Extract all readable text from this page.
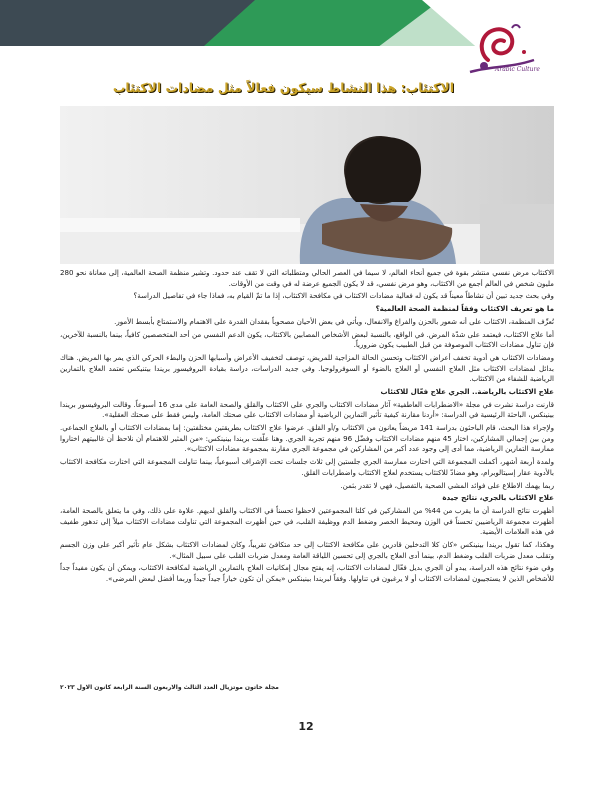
Arabic Culture
الاكتئاب: هذا النشاط سيكون فعالاً مثل مضادات الاكتئاب

الاكتئاب مرض نفسي منتشر بقوة في جميع أنحاء العالم، لا سيما في العصر الحالي ومتطلباته التي لا تقف عند حدود. وتشير منظمة الصحة العالمية، إلى معاناة نحو 280 مليون شخص في العالم أجمع من الاكتئاب، وهو مرض نفسي، قد لا يكون الجميع عرضة له في وقت من الأوقات.

وفي بحث جديد تبين أن نشاطاً معيناً قد يكون له فعالية مضادات الاكتئاب في مكافحة الاكتئاب، إذا ما تمّ القيام به، فماذا جاء في تفاصيل الدراسة؟

ما هو تعريف الاكتئاب وفقاً لمنظمة الصحة العالمية؟

تُعرِّف المنظمة، الاكتئاب على أنه شعور بالحزن والفراغ والانفعال، ويأتي في بعض الأحيان مصحوباً بفقدان القدرة على الاهتمام والاستمتاع بأبسط الأمور.

أما علاج الاكتئاب، فيعتمد على شدّة المرض. في الواقع، بالنسبة لبعض الأشخاص المصابين بالاكتئاب، يكون الدعم النفسي من أحد المتخصصين كافياً، بينما بالنسبة للآخرين، فإن تناول مضادات الاكتئاب الموصوفة من قبل الطبيب يكون ضرورياً.

ومضادات الاكتئاب هي أدوية تخفف أعراض الاكتئاب وتحسن الحالة المزاجية للمريض، توصف لتخفيف الأعراض وأسبابها الحزن والبطء الحركي الذي يمر بها المريض. هناك بدائل لمضادات الاكتئاب مثل العلاج النفسي أو العلاج بالضوء أو السوفرولوجيا. وفي جديد الدراسات، دراسة بقيادة البروفيسور بريندا بيتنيكس تعتمد العلاج بالتمارين الرياضية للشفاء من الاكتئاب.

علاج الاكتئاب بالرياضة.. الجري علاج فعّال للاكتئاب

قارنت دراسة نشرت في مجلة «الاضطرابات العاطفية» آثار مضادات الاكتئاب والجري على الاكتئاب والقلق والصحة العامة على مدى 16 أسبوعاً. وقالت البروفيسور بريندا بينينكس، الباحثة الرئيسية في الدراسة: «أردنا مقارنة كيفية تأثير التمارين الرياضية أو مضادات الاكتئاب على صحتك العامة، وليس فقط على صحتك العقلية».

ولإجراء هذا البحث، قام الباحثون بدراسة 141 مريضاً يعانون من الاكتئاب و/أو القلق. عرضوا علاج الاكتئاب بطريقتين مختلفتين: إما بمضادات الاكتئاب أو بالعلاج الجماعي. ومن بين إجمالي المشاركين، اختار 45 منهم مضادات الاكتئاب وفضّل 96 منهم تجربة الجري. وهنا علّقت بريندا بينينكس: «من المثير للاهتمام أن نلاحظ أن غالبيتهم اختاروا ممارسة التمارين الرياضية، مما أدى إلى وجود عدد أكبر من المشاركين في مجموعة الجري مقارنة بمجموعة مضادات الاكتئاب».

ولمدة أربعة أشهر، أكملت المجموعة التي اختارت ممارسة الجري جلستين إلى ثلاث جلسات تحت الإشراف أسبوعياً، بينما تناولت المجموعة التي اختارت مكافحة الاكتئاب بالأدوية عقار إسيتالوبرام، وهو مضادّ للاكتئاب يستخدم لعلاج الاكتئاب واضطرابات القلق.

ربما يهمك الاطلاع على فوائد المشي الصحية بالتفصيل، فهي لا تقدر بثمن.

علاج الاكتئاب بالجري، نتائج جيدة

أظهرت نتائج الدراسة أن ما يقرب من 44% من المشاركين في كلتا المجموعتين لاحظوا تحسناً في الاكتئاب والقلق لديهم. علاوة على ذلك، وفي ما يتعلق بالصحة العامة، أظهرت مجموعة الرياضيين تحسناً في الوزن ومحيط الخصر وضغط الدم ووظيفة القلب، في حين أظهرت المجموعة التي تناولت مضادات الاكتئاب ميلاً إلى تدهور طفيف في هذه العلامات الأيضية.

وهكذا، كما تقول بريندا بينينكس «كان كلا التدخلين قادرين على مكافحة الاكتئاب إلى حد متكافئ تقريباً، وكان لمضادات الاكتئاب بشكل عام تأثير أكبر على وزن الجسم وتقلب معدل ضربات القلب وضغط الدم، بينما أدى العلاج بالجري إلى تحسين اللياقة العامة ومعدل ضربات القلب على سبيل المثال».

وفي ضوء نتائج هذه الدراسة، يبدو أن الجري بديل فعّال لمضادات الاكتئاب، إنه يفتح مجال إمكانيات العلاج بالتمارين الرياضية لمكافحة الاكتئاب، ويمكن أن يكون مفيداً جداً للأشخاص الذين لا يستجيبون لمضادات الاكتئاب أو لا يرغبون في تناولها. وفقاً لبريندا بينينكس «يمكن أن تكون خياراً جيداً جيداً وربما أفضل لبعض المرضى».

مجلة خاتون موتزيال العدد الثالث والاربعون السنة الرابعة كانون الاول ٢٠٢٣
12
